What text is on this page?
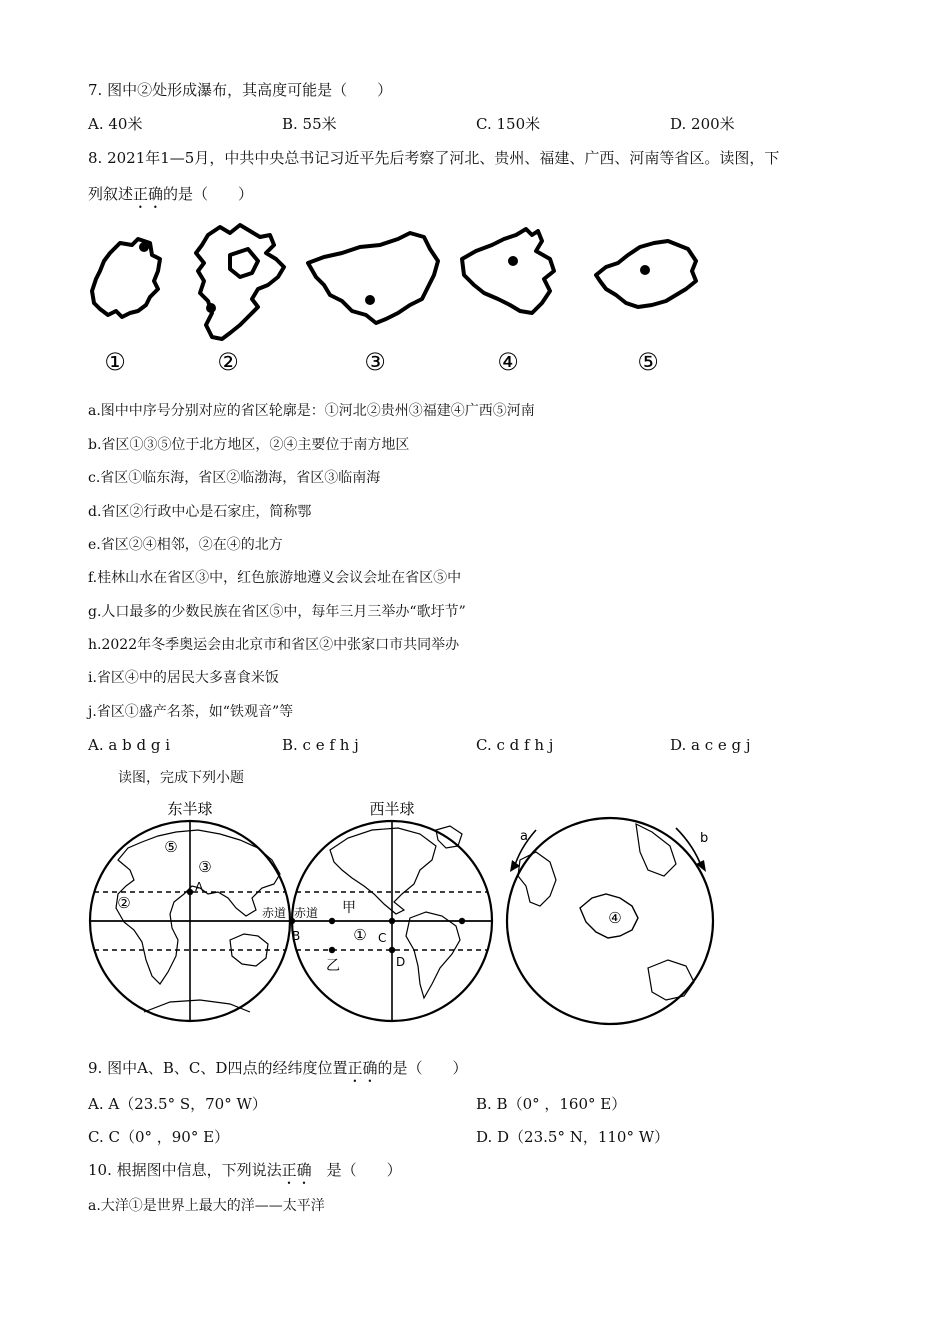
7. 图中②处形成瀑布，其高度可能是（　　）
A. 40米	B. 55米	C. 150米	D. 200米
8. 2021年1—5月，中共中央总书记习近平先后考察了河北、贵州、福建、广西、河南等省区。读图，下
列叙述正确的是（　　）
①	②	③	④	⑤
a.图中中序号分别对应的省区轮廓是：①河北②贵州③福建④广西⑤河南
b.省区①③⑤位于北方地区，②④主要位于南方地区
c.省区①临东海，省区②临渤海，省区③临南海
d.省区②行政中心是石家庄，简称鄂
e.省区②④相邻，②在④的北方
f.桂林山水在省区③中，红色旅游地遵义会议会址在省区⑤中
g.人口最多的少数民族在省区⑤中，每年三月三举办“歌圩节”
h.2022年冬季奥运会由北京市和省区②中张家口市共同举办
i.省区④中的居民大多喜食米饭
j.省区①盛产名茶，如“铁观音”等
A. a b d g i	B. c e f h j	C. c d f h j	D. a c e g j
读图，完成下列小题
东半球	西半球
A
⑤
③
②
赤道 赤道 甲
乙
B	C
D
①
a	b
④
9. 图中A、B、C、D四点的经纬度位置正确的是（　　）
A. A（23.5° S，70° W）	B. B（0° ，160° E）
C. C（0° ，90° E）	D. D（23.5° N，110° W）
10. 根据图中信息，下列说法正确　是（　　）
a.大洋①是世界上最大的洋——太平洋
